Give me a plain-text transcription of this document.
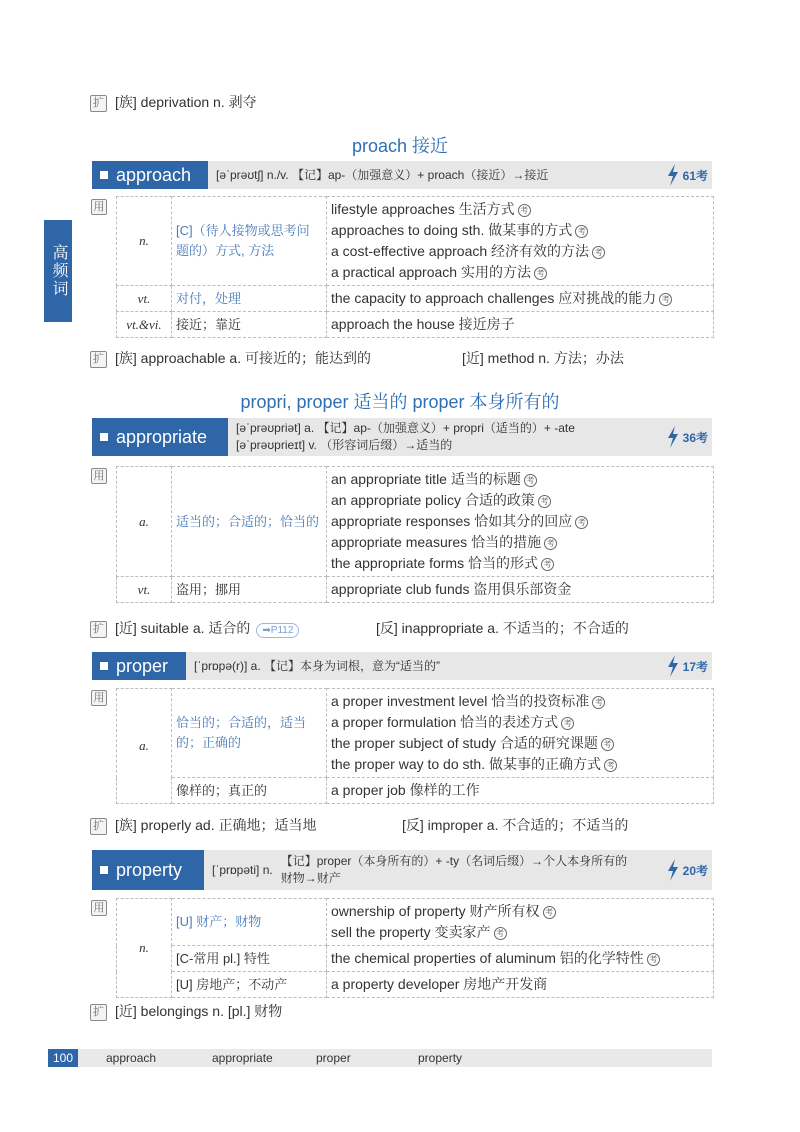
扩 [族] deprivation n. 剥夺
高频词
proach 接近
approach	[əˈprəʊtʃ] n./v. 【记】ap-（加强意义）+ proach（接近）→接近	61考
用
n.	[C]（待人接物或思考问题的）方式, 方法	lifestyle approaches 生活方式 考
approaches to doing sth. 做某事的方式 考
a cost-effective approach 经济有效的方法 考
a practical approach 实用的方法 考

vt.	对付，处理	the capacity to approach challenges 应对挑战的能力 考
vt.&vi.	接近；靠近	approach the house 接近房子
扩 [族] approachable a. 可接近的；能达到的	[近] method n. 方法；办法
propri, proper 适当的 proper 本身所有的
appropriate [əˈprəʊpriət] a. 【记】ap-（加强意义）+ propri（适当的）+ -ate
[əˈprəʊprieɪt] v. （形容词后缀）→适当的
36考
用
a.	适当的；合适的；恰当的	an appropriate title 适当的标题 考
an appropriate policy 合适的政策 考
appropriate responses 恰如其分的回应 考
appropriate measures 恰当的措施 考
the appropriate forms 恰当的形式 考

vt.	盗用；挪用	appropriate club funds 盗用俱乐部资金
扩 [近] suitable a. 适合的 ➡P112	[反] inappropriate a. 不适当的；不合适的
proper	[ˈprɒpə(r)] a. 【记】本身为词根，意为“适当的”	17考
用
a.	恰当的；合适的，适当的；正确的	a proper investment level 恰当的投资标准 考
a proper formulation 恰当的表述方式 考
the proper subject of study 合适的研究课题 考
the proper way to do sth. 做某事的正确方式 考

	像样的；真正的	a proper job 像样的工作
扩 [族] properly ad. 正确地；适当地	[反] improper a. 不合适的；不适当的
property	[ˈprɒpəti] n.
【记】proper（本身所有的）+ -ty（名词后缀）→个人本身所有的财物→财产
20考
用
n.	[U] 财产；财物	ownership of property 财产所有权 考
sell the property 变卖家产 考

	[C-常用 pl.] 特性	the chemical properties of aluminum 铝的化学特性 考
	[U] 房地产；不动产	a property developer 房地产开发商
扩 [近] belongings n. [pl.] 财物
100	approach	appropriate	proper	property
